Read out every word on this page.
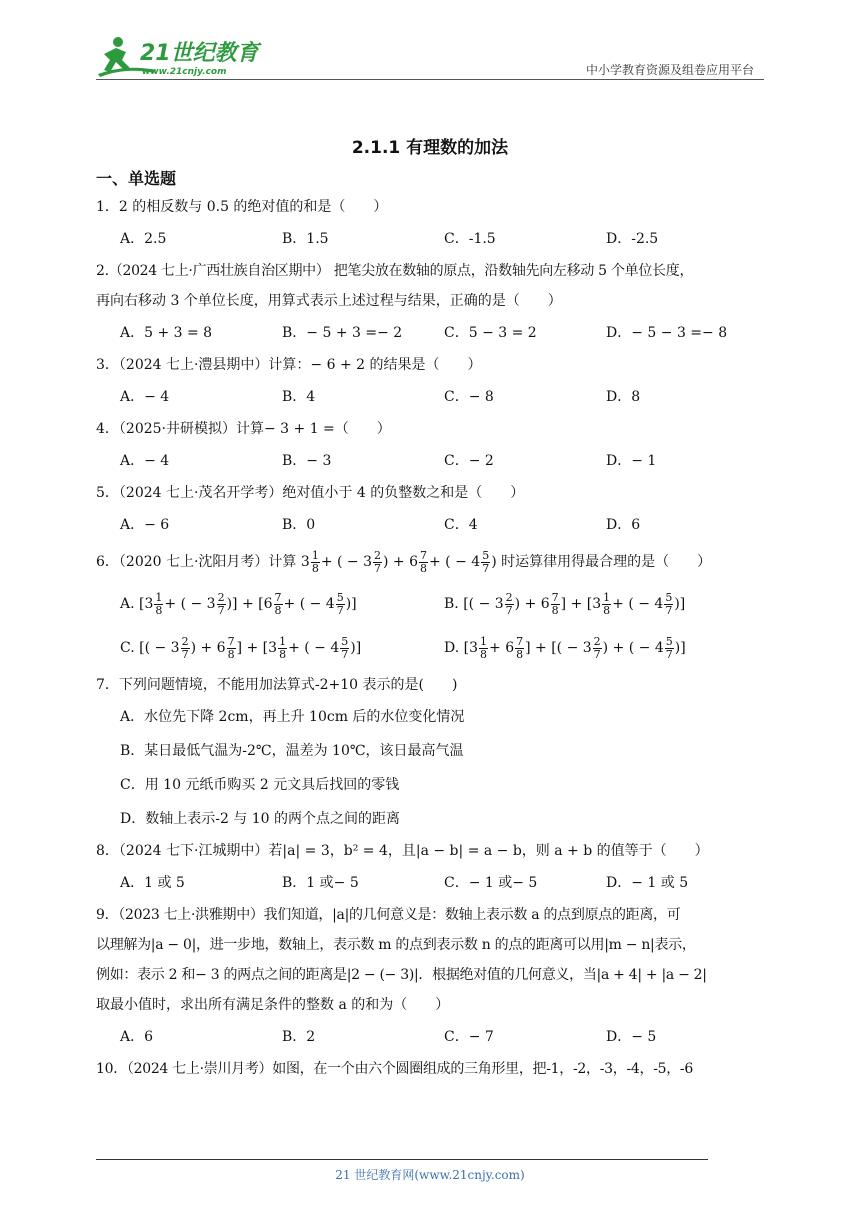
21世纪教育
www.21cnjy.com	中小学教育资源及组卷应用平台
2.1.1 有理数的加法
一、单选题
1．2 的相反数与 0.5 的绝对值的和是（　　）
A．2.5	B．1.5	C．-1.5	D．-2.5
2.（2024 七上·广西壮族自治区期中） 把笔尖放在数轴的原点，沿数轴先向左移动 5 个单位长度，
再向右移动 3 个单位长度，用算式表示上述过程与结果，正确的是（　　）
A．5 + 3 = 8	B．− 5 + 3 =− 2	C．5 − 3 = 2	D．− 5 − 3 =− 8
3．（2024 七上·澧县期中）计算：− 6 + 2 的结果是（　　）
A．− 4	B．4	C．− 8	D．8
4．（2025·井研模拟）计算− 3 + 1 =（　　）
A．− 4	B．− 3	C．− 2	D．− 1
5．（2024 七上·茂名开学考）绝对值小于 4 的负整数之和是（　　）
A．− 6	B．0	C．4	D．6
6．（2020 七上·沈阳月考）计算 $3 \frac{1}{8}$ + ( − $3 \frac{2}{7}$ ) + $6 \frac{7}{8}$ + ( − $4 \frac{5}{7}$ ) 时运算律用得最合理的是（　　）
A. [$3 \frac{1}{8}$ + ( − $3 \frac{2}{7}$ )] + [$6 \frac{7}{8}$ + ( − $4 \frac{5}{7}$ )]	B. [( − $3 \frac{2}{7}$ ) + $6 \frac{7}{8}$ ] + [$3 \frac{1}{8}$ + ( − $4 \frac{5}{7}$ )]
C. [( − $3 \frac{2}{7}$ ) + $6 \frac{7}{8}$ ] + [$3 \frac{1}{8}$ + ( − $4 \frac{5}{7}$ )]	D. [$3 \frac{1}{8} + 6 \frac{7}{8}$ ] + [( − $3 \frac{2}{7}$ ) + ( − $4 \frac{5}{7}$ )]
7．下列问题情境，不能用加法算式-2+10 表示的是(　　)
A．水位先下降 2cm，再上升 10cm 后的水位变化情况
B．某日最低气温为-2℃，温差为 10℃，该日最高气温
C．用 10 元纸币购买 2 元文具后找回的零钱
D．数轴上表示-2 与 10 的两个点之间的距离
8．（2024 七下·江城期中）若|a| = 3，b² = 4，且|a − b| = a − b，则 a + b 的值等于（　　）
A．1 或 5	B．1 或− 5	C．− 1 或− 5	D．− 1 或 5
9．（2023 七上·洪雅期中）我们知道，|a|的几何意义是：数轴上表示数 a 的点到原点的距离，可
以理解为|a − 0|，进一步地，数轴上，表示数 m 的点到表示数 n 的点的距离可以用|m − n|表示，
例如：表示 2 和− 3 的两点之间的距离是|2 − (− 3)|．根据绝对值的几何意义，当|a + 4| + |a − 2|
取最小值时，求出所有满足条件的整数 a 的和为（　　）
A．6	B．2	C．− 7	D．− 5
10．（2024 七上·崇川月考）如图，在一个由六个圆圈组成的三角形里，把-1，-2，-3，-4，-5，-6
21 世纪教育网(www.21cnjy.com)
